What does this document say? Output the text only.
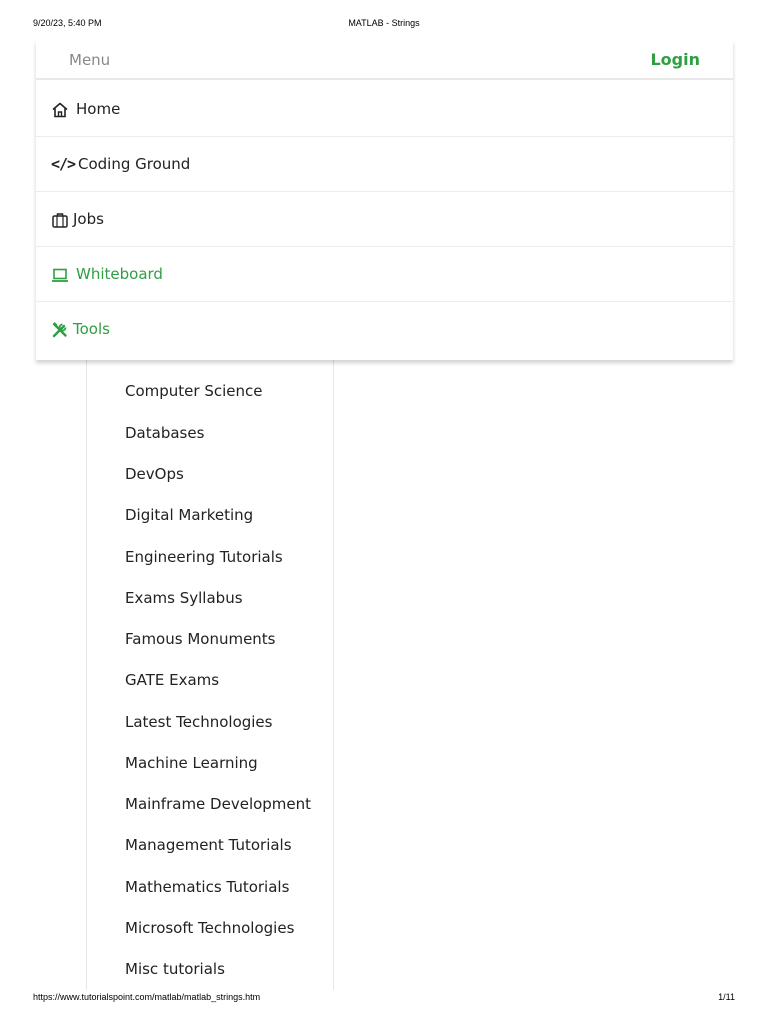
9/20/23, 5:40 PM	MATLAB - Strings
Computer Science
Databases
DevOps
Digital Marketing
Engineering Tutorials
Exams Syllabus
Famous Monuments
GATE Exams
Latest Technologies
Machine Learning
Mainframe Development
Management Tutorials
Mathematics Tutorials
Microsoft Technologies
Misc tutorials
Menu	Login
Home
</> Coding Ground
Jobs
Whiteboard
Tools
https://www.tutorialspoint.com/matlab/matlab_strings.htm	1/11
